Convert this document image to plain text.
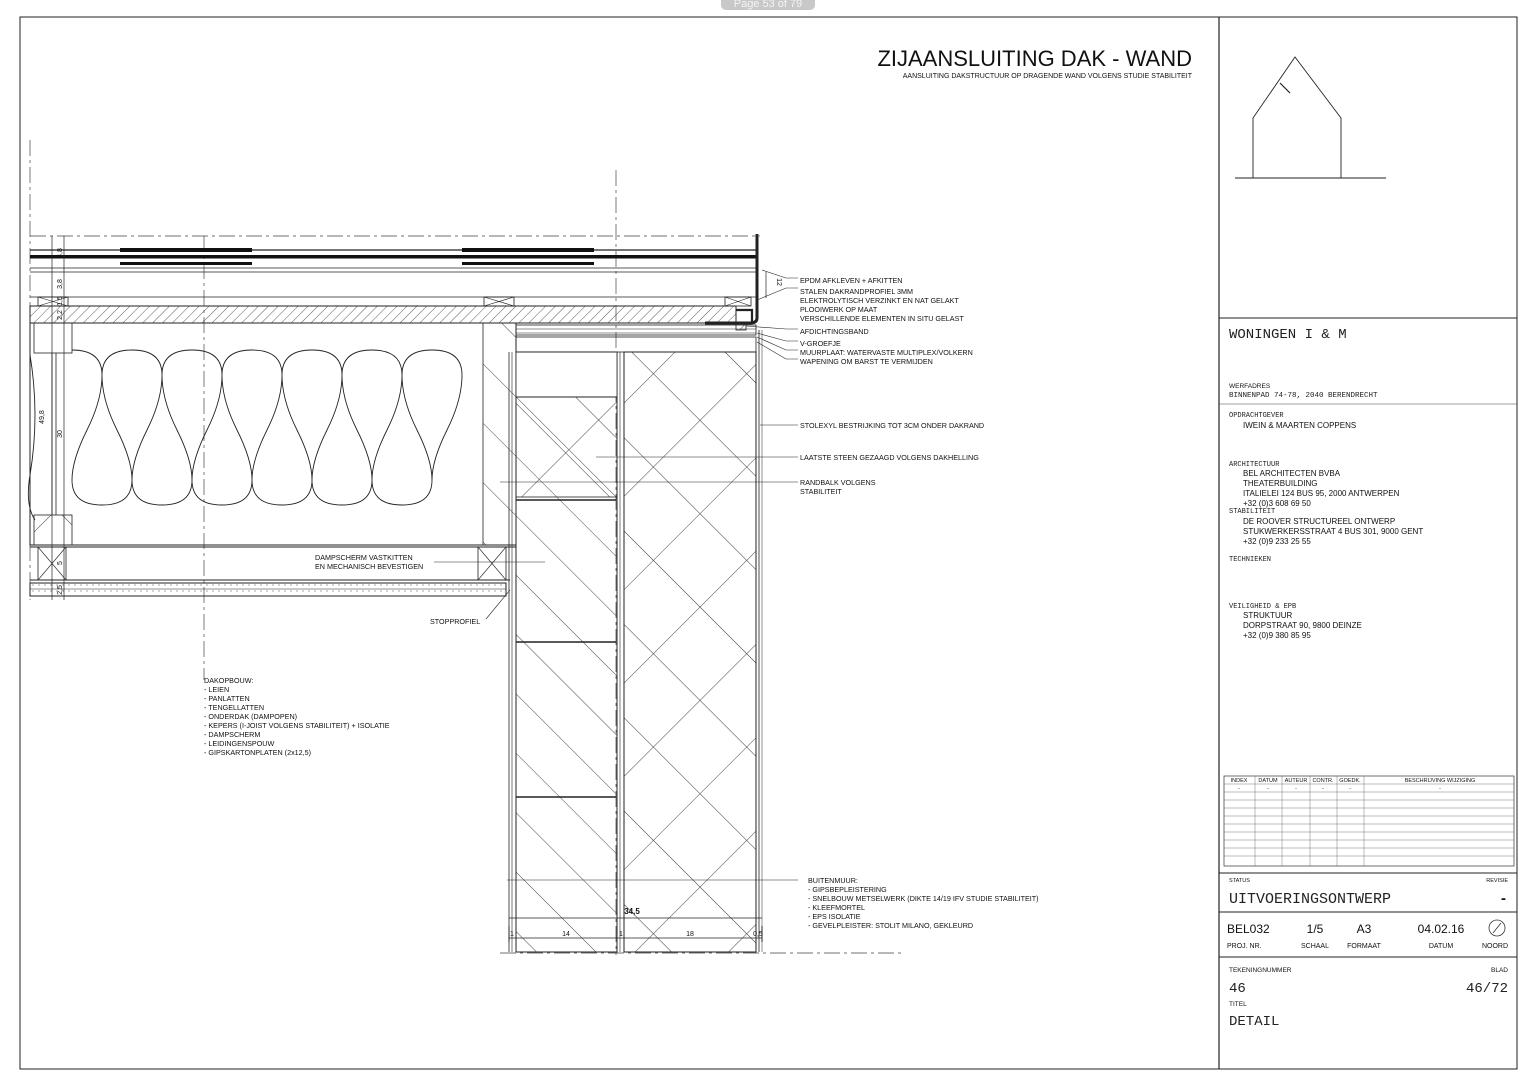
Page 53 of 79
ZIJAANSLUITING DAK - WAND
AANSLUITING DAKSTRUCTUUR OP DRAGENDE WAND VOLGENS STUDIE STABILITEIT
4,8
3,8
1,5
2,2
49,8
30
5
2,5
12
34,5
1	14	1	18	0,5
EPDM AFKLEVEN + AFKITTEN
STALEN DAKRANDPROFIEL 3MM ELEKTROLYTISCH VERZINKT EN NAT GELAKT PLOOIWERK OP MAAT VERSCHILLENDE ELEMENTEN IN SITU GELAST
AFDICHTINGSBAND
V-GROEFJE
MUURPLAAT: WATERVASTE MULTIPLEX/VOLKERN
WAPENING OM BARST TE VERMIJDEN
STOLEXYL BESTRIJKING TOT 3CM ONDER DAKRAND
LAATSTE STEEN GEZAAGD VOLGENS DAKHELLING
RANDBALK VOLGENS STABILITEIT
DAMPSCHERM VASTKITTEN EN MECHANISCH BEVESTIGEN
STOPPROFIEL
DAKOPBOUW: - LEIEN - PANLATTEN - TENGELLATTEN - ONDERDAK (DAMPOPEN) - KEPERS (I-JOIST VOLGENS STABILITEIT) + ISOLATIE - DAMPSCHERM - LEIDINGENSPOUW - GIPSKARTONPLATEN (2x12,5)
BUITENMUUR: - GIPSBEPLEISTERING - SNELBOUW METSELWERK (DIKTE 14/19 IFV STUDIE STABILITEIT) - KLEEFMORTEL - EPS ISOLATIE - GEVELPLEISTER: STOLIT MILANO, GEKLEURD
WONINGEN I & M
WERFADRES
BINNENPAD 74-78, 2040 BERENDRECHT
OPDRACHTGEVER
IWEIN & MAARTEN COPPENS
ARCHITECTUUR
BEL ARCHITECTEN BVBA THEATERBUILDING ITALIELEI 124 BUS 95, 2000 ANTWERPEN +32 (0)3 608 69 50
STABILITEIT
DE ROOVER STRUCTUREEL ONTWERP STUKWERKERSSTRAAT 4 BUS 301, 9000 GENT +32 (0)9 233 25 55
TECHNIEKEN
VEILIGHEID & EPB
STRUKTUUR DORPSTRAAT 90, 9800 DEINZE +32 (0)9 380 85 95
INDEX DATUM AUTEUR CONTR. GOEDK.	BESCHRIJVING WIJZIGING
-	-	-	-	-	-
STATUS	REVISIE
UITVOERINGSONTWERP	-
BEL032	1/5	A3	04.02.16
PROJ. NR.	SCHAAL	FORMAAT	DATUM	NOORD
TEKENINGNUMMER	BLAD
46	46/72
TITEL
DETAIL
